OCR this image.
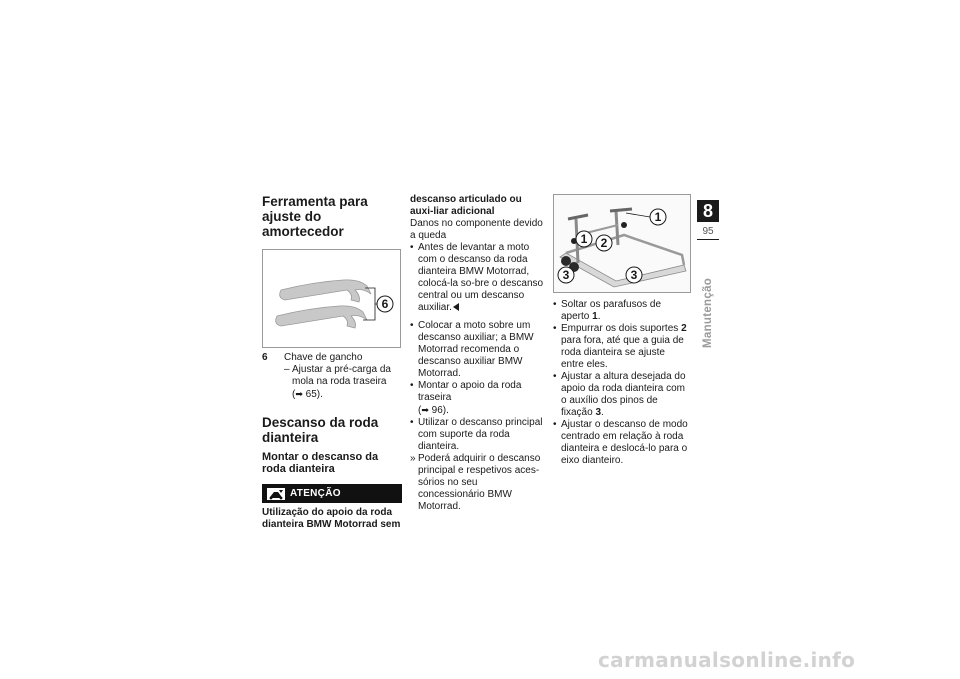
Ferramenta para ajuste do amortecedor
6
6	Chave de gancho
– Ajustar a pré-carga da
mola na roda traseira
(➡ 65).
Descanso da roda dianteira
Montar o descanso da roda dianteira
ATENÇÃO
Utilização do apoio da roda dianteira BMW Motorrad sem
descanso articulado ou auxi-liar adicional
Danos no componente devido a queda
• Antes de levantar a moto com o descanso da roda dianteira BMW Motorrad, colocá-la so-bre o descanso central ou um descanso auxiliar.
• Colocar a moto sobre um descanso auxiliar; a BMW Motorrad recomenda o descanso auxiliar BMW Motorrad.
• Montar o apoio da roda traseira
(➡ 96).
• Utilizar o descanso principal com suporte da roda dianteira.
» Poderá adquirir o descanso principal e respetivos aces-sórios no seu concessionário BMW Motorrad.
1
1 2
3	3
• Soltar os parafusos de aperto 1.
• Empurrar os dois suportes 2 para fora, até que a guia de roda dianteira se ajuste entre eles.
• Ajustar a altura desejada do apoio da roda dianteira com o auxílio dos pinos de fixação 3.
• Ajustar o descanso de modo centrado em relação à roda dianteira e deslocá-lo para o eixo dianteiro.
8
95
Manutenção
carmanualsonline.info
